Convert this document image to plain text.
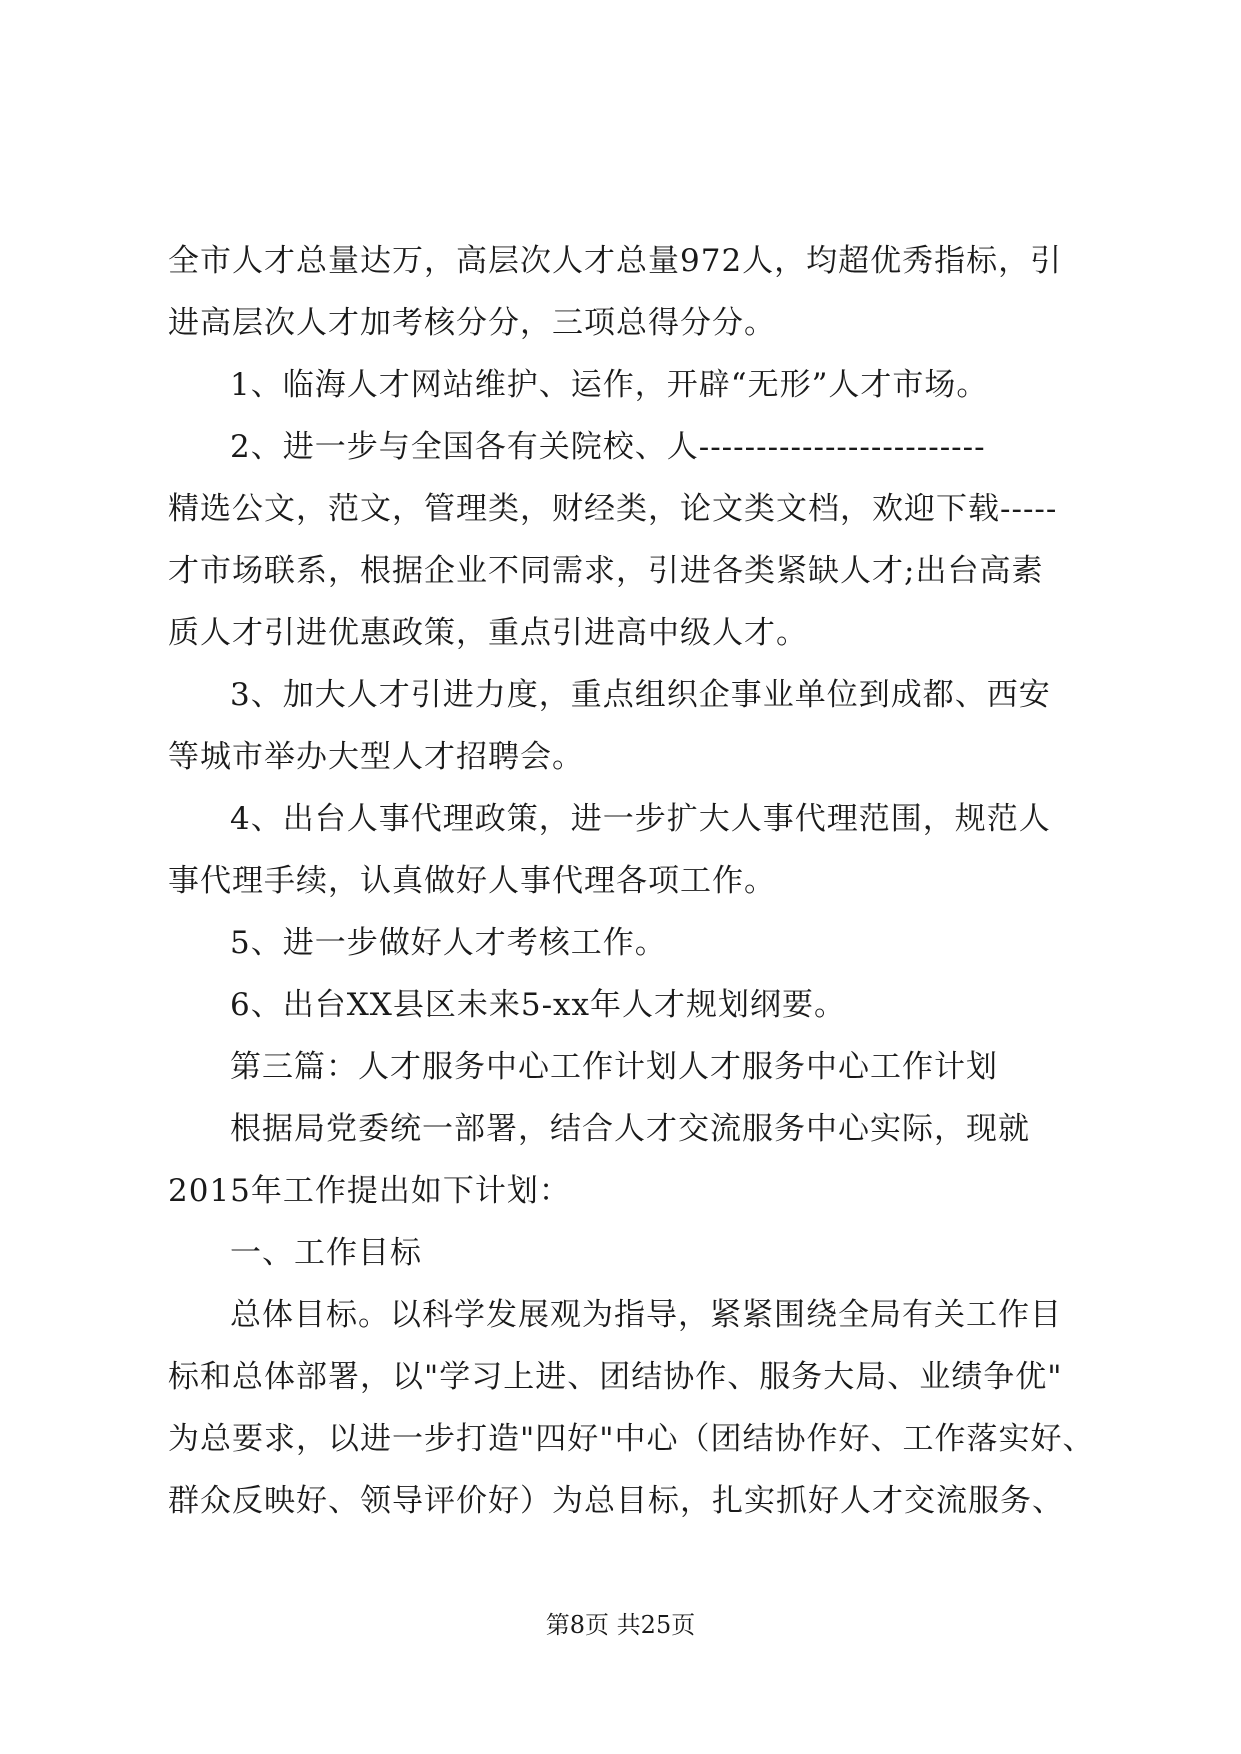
全市人才总量达万，高层次人才总量972人，均超优秀指标，引
进高层次人才加考核分分，三项总得分分。
1、临海人才网站维护、运作，开辟“无形”人才市场。
2、进一步与全国各有关院校、人-------------------------
精选公文，范文，管理类，财经类，论文类文档，欢迎下载-----
才市场联系，根据企业不同需求，引进各类紧缺人才;出台高素
质人才引进优惠政策，重点引进高中级人才。
3、加大人才引进力度，重点组织企事业单位到成都、西安
等城市举办大型人才招聘会。
4、出台人事代理政策，进一步扩大人事代理范围，规范人
事代理手续，认真做好人事代理各项工作。
5、进一步做好人才考核工作。
6、出台XX县区未来5-xx年人才规划纲要。
第三篇：人才服务中心工作计划人才服务中心工作计划
根据局党委统一部署，结合人才交流服务中心实际，现就
2015年工作提出如下计划：
一、工作目标
总体目标。以科学发展观为指导，紧紧围绕全局有关工作目
标和总体部署，以"学习上进、团结协作、服务大局、业绩争优"
为总要求，以进一步打造"四好"中心（团结协作好、工作落实好、
群众反映好、领导评价好）为总目标，扎实抓好人才交流服务、
第8页 共25页
